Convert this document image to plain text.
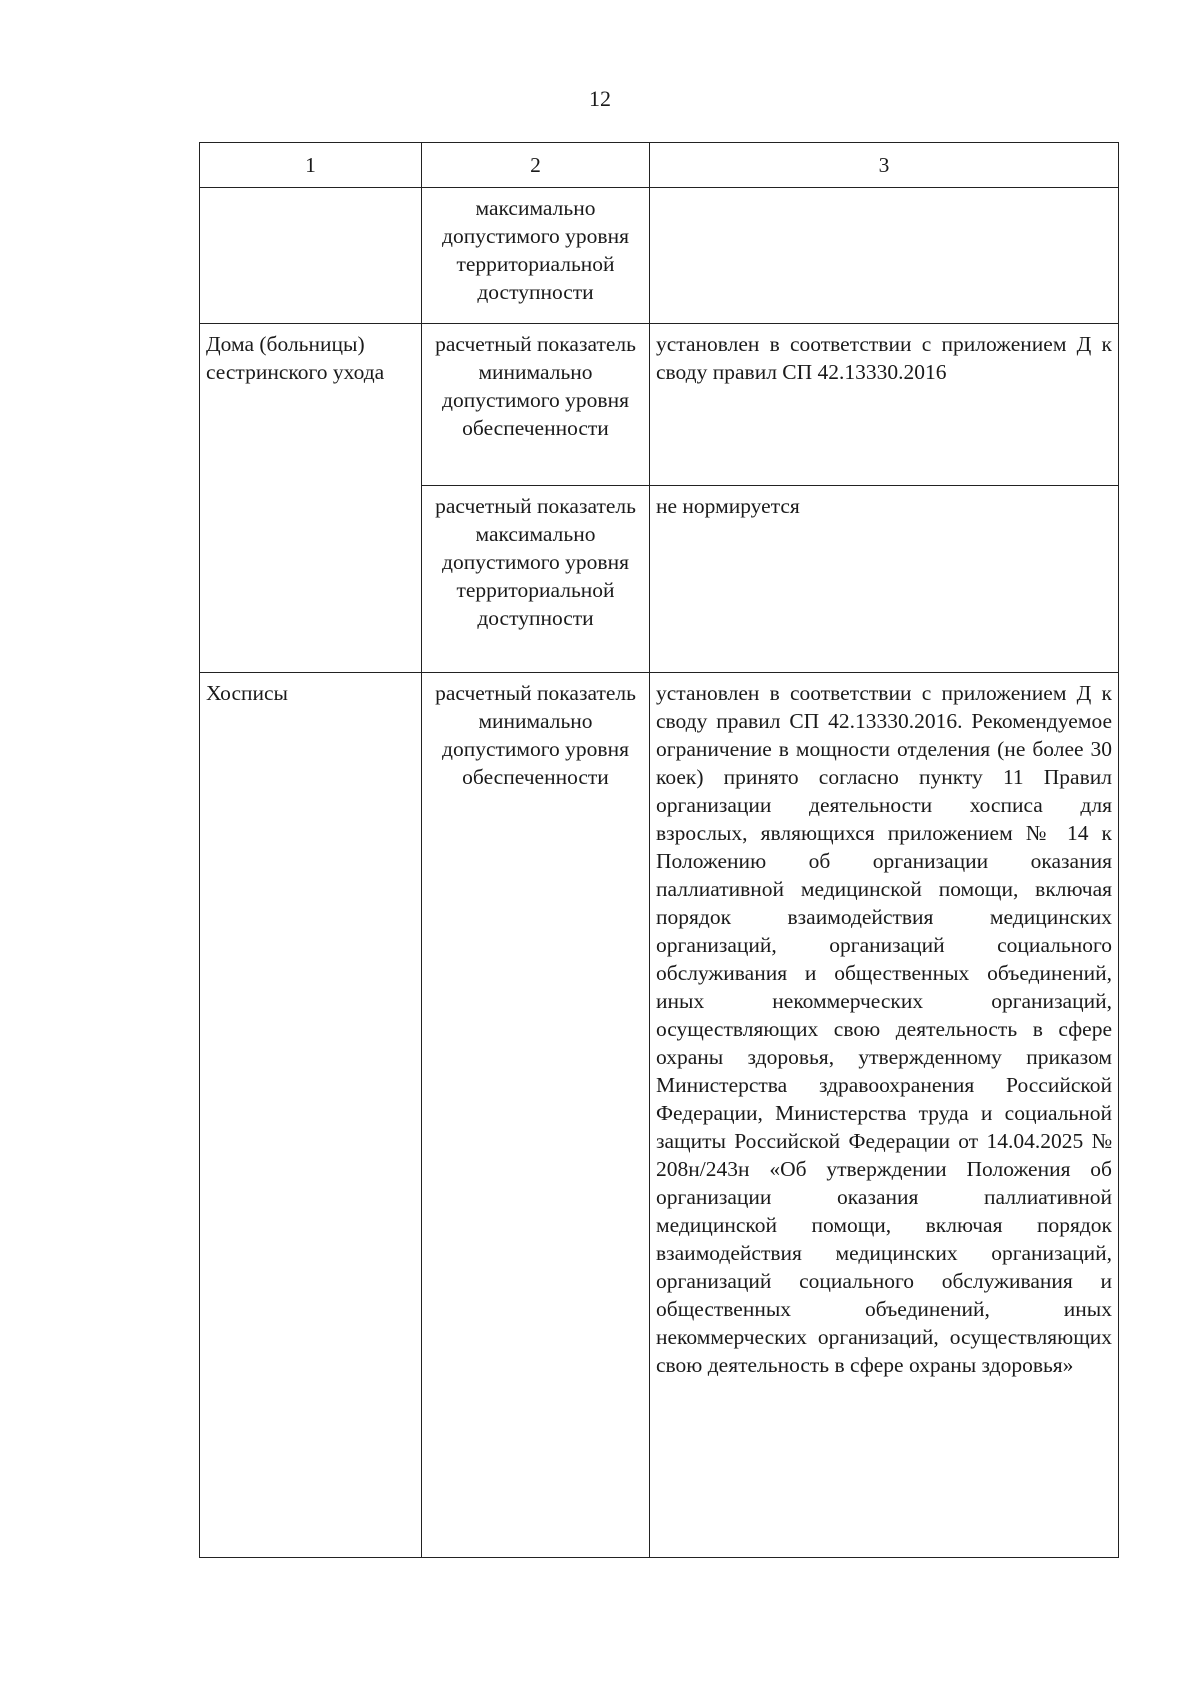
12
1	2	3
	максимально допустимого уровня территориальной доступности	
Дома (больницы) сестринского ухода	расчетный показатель минимально допустимого уровня обеспеченности	установлен в соответствии с приложением Д к своду правил СП 42.13330.2016
	расчетный показатель максимально допустимого уровня территориальной доступности	не нормируется
Хосписы	расчетный показатель минимально допустимого уровня обеспеченности	установлен в соответствии с приложением Д к своду правил СП 42.13330.2016. Рекомендуемое ограничение в мощности отделения (не более 30 коек) принято согласно пункту 11 Правил организации деятельности хосписа для взрослых, являющихся приложением № 14 к Положению об организации оказания паллиативной медицинской помощи, включая порядок взаимодействия медицинских организаций, организаций социального обслуживания и общественных объединений, иных некоммерческих организаций, осуществляющих свою деятельность в сфере охраны здоровья, утвержденному приказом Министерства здравоохранения Российской Федерации, Министерства труда и социальной защиты Российской Федерации от 14.04.2025 № 208н/243н «Об утверждении Положения об организации оказания паллиативной медицинской помощи, включая порядок взаимодействия медицинских организаций, организаций социального обслуживания и общественных объединений, иных некоммерческих организаций, осуществляющих свою деятельность в сфере охраны здоровья»
